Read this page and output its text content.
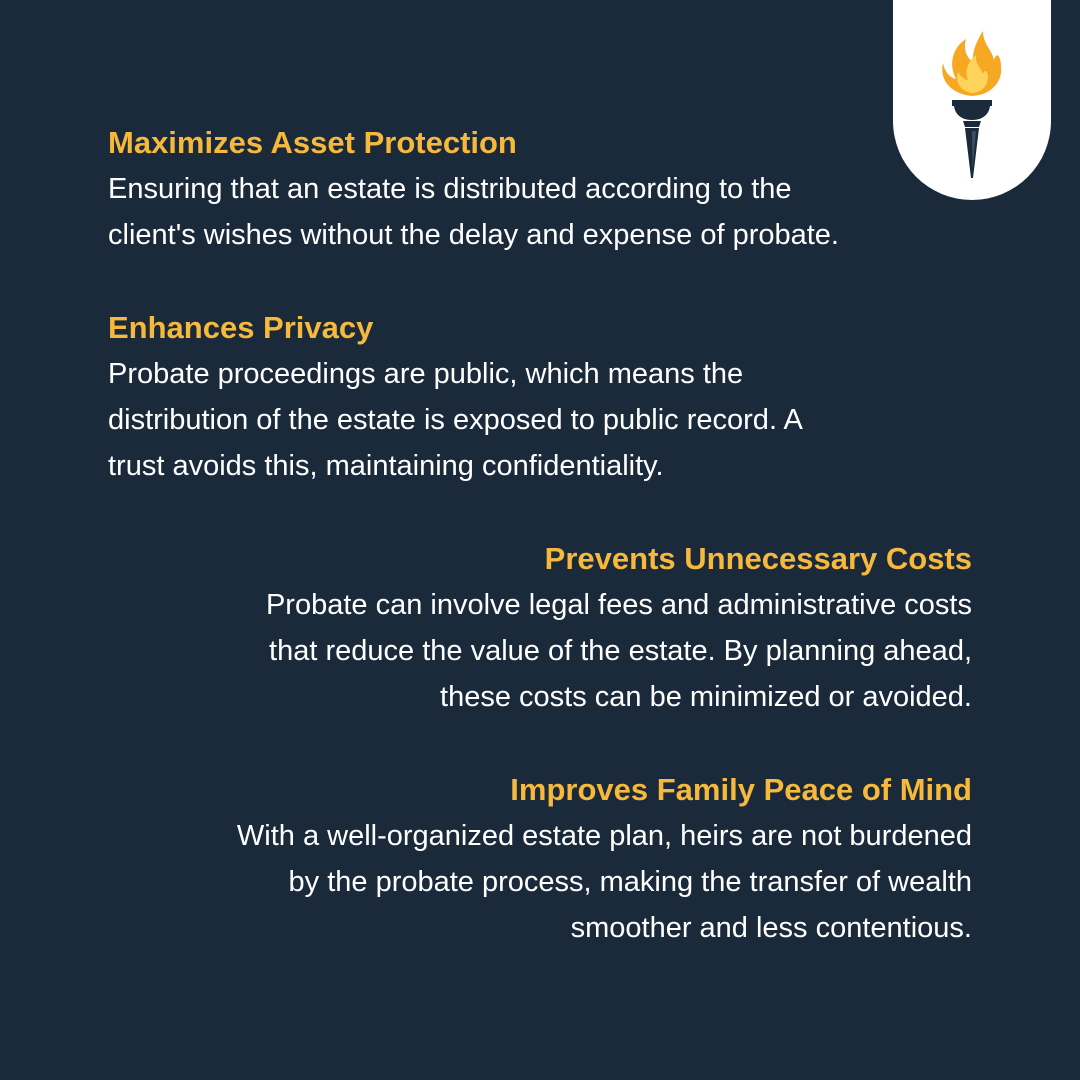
Maximizes Asset Protection

Ensuring that an estate is distributed according to the
client's wishes without the delay and expense of probate.

Enhances Privacy

Probate proceedings are public, which means the
distribution of the estate is exposed to public record. A
trust avoids this, maintaining confidentiality.

Prevents Unnecessary Costs

Probate can involve legal fees and administrative costs
that reduce the value of the estate. By planning ahead,
these costs can be minimized or avoided.

Improves Family Peace of Mind

With a well-organized estate plan, heirs are not burdened
by the probate process, making the transfer of wealth
smoother and less contentious.
